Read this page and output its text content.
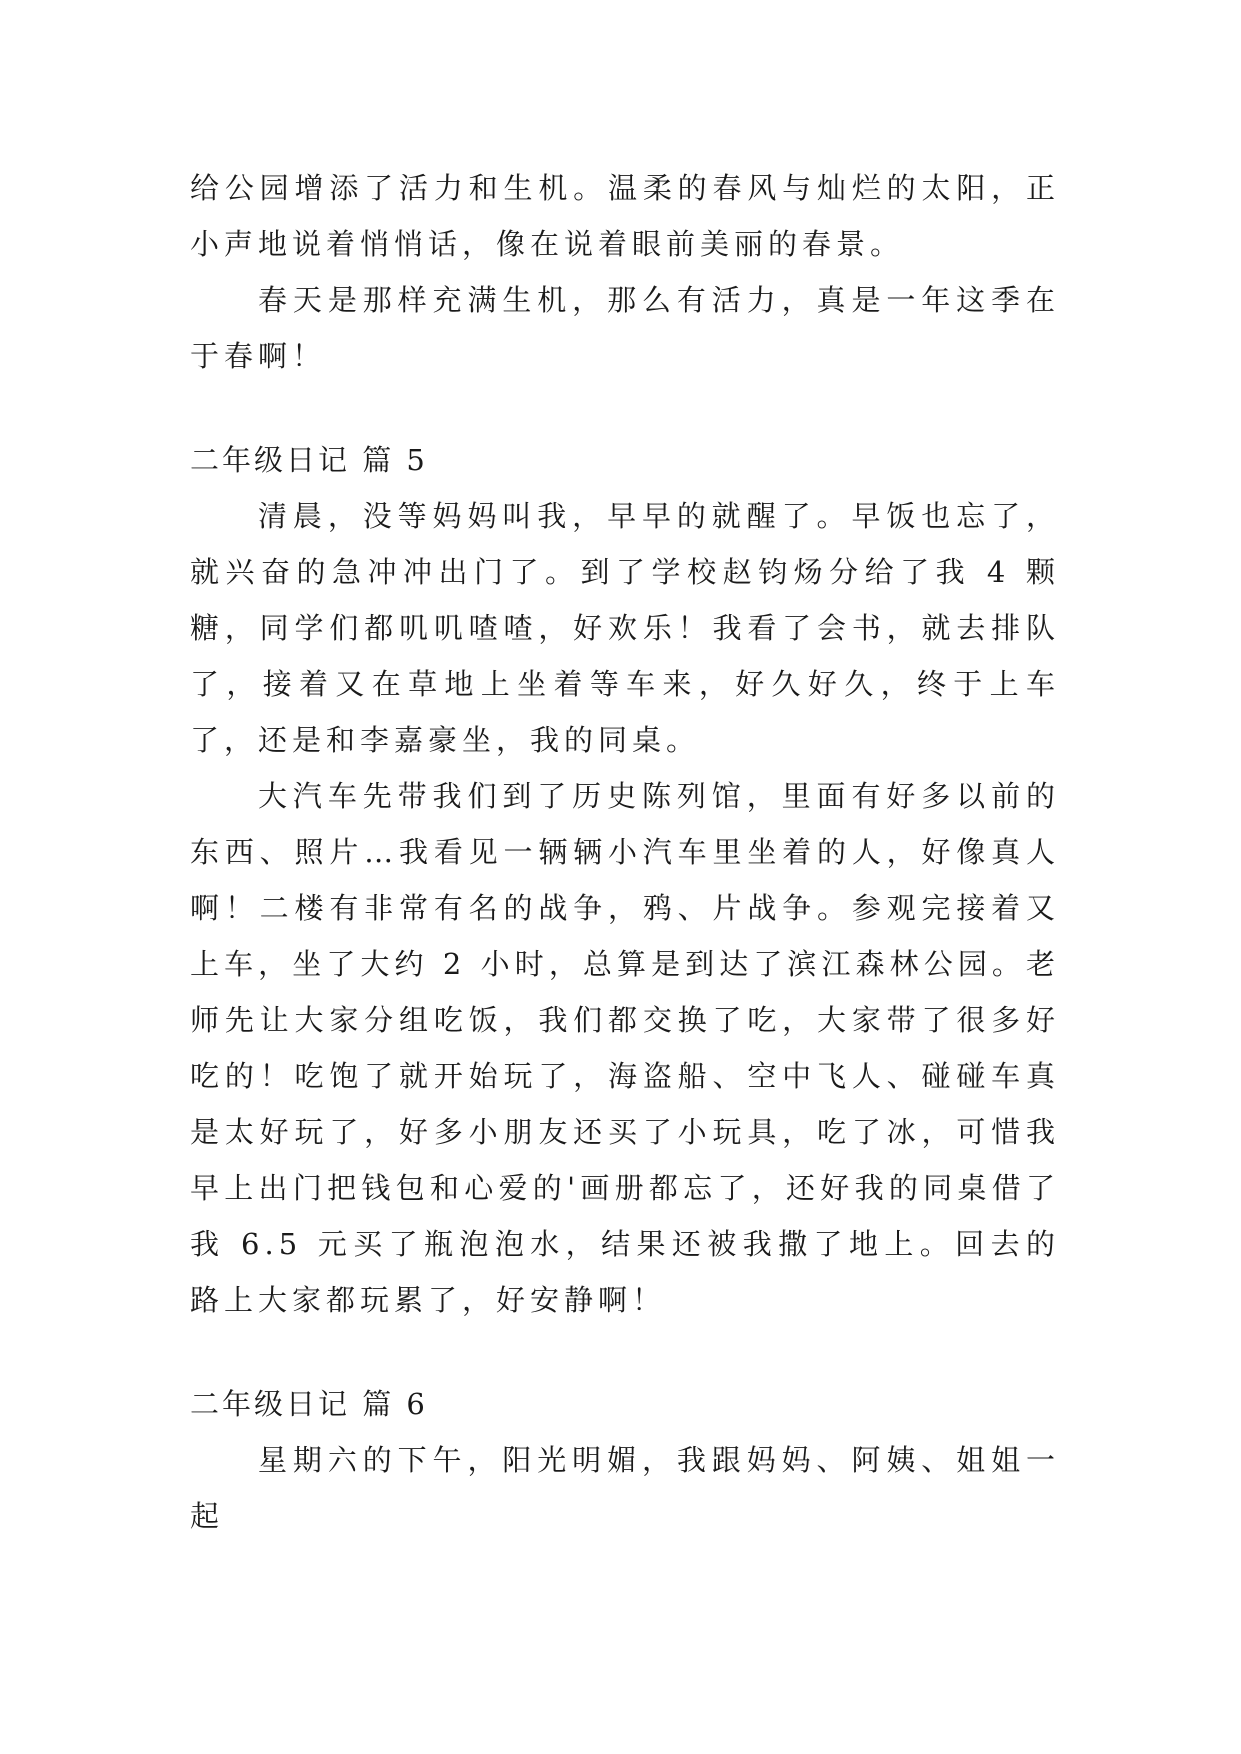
给公园增添了活力和生机。温柔的春风与灿烂的太阳，正小声地说着悄悄话，像在说着眼前美丽的春景。

春天是那样充满生机，那么有活力，真是一年这季在于春啊！

二年级日记 篇 5

清晨，没等妈妈叫我，早早的就醒了。早饭也忘了，就兴奋的急冲冲出门了。到了学校赵钧炀分给了我 4 颗糖，同学们都叽叽喳喳，好欢乐！我看了会书，就去排队了，接着又在草地上坐着等车来，好久好久，终于上车了，还是和李嘉豪坐，我的同桌。

大汽车先带我们到了历史陈列馆，里面有好多以前的东西、照片…我看见一辆辆小汽车里坐着的人，好像真人啊！二楼有非常有名的战争，鸦、片战争。参观完接着又上车，坐了大约 2 小时，总算是到达了滨江森林公园。老师先让大家分组吃饭，我们都交换了吃，大家带了很多好吃的！吃饱了就开始玩了，海盗船、空中飞人、碰碰车真是太好玩了，好多小朋友还买了小玩具，吃了冰，可惜我早上出门把钱包和心爱的'画册都忘了，还好我的同桌借了我 6.5 元买了瓶泡泡水，结果还被我撒了地上。回去的路上大家都玩累了，好安静啊！

二年级日记 篇 6

星期六的下午，阳光明媚，我跟妈妈、阿姨、姐姐一起
